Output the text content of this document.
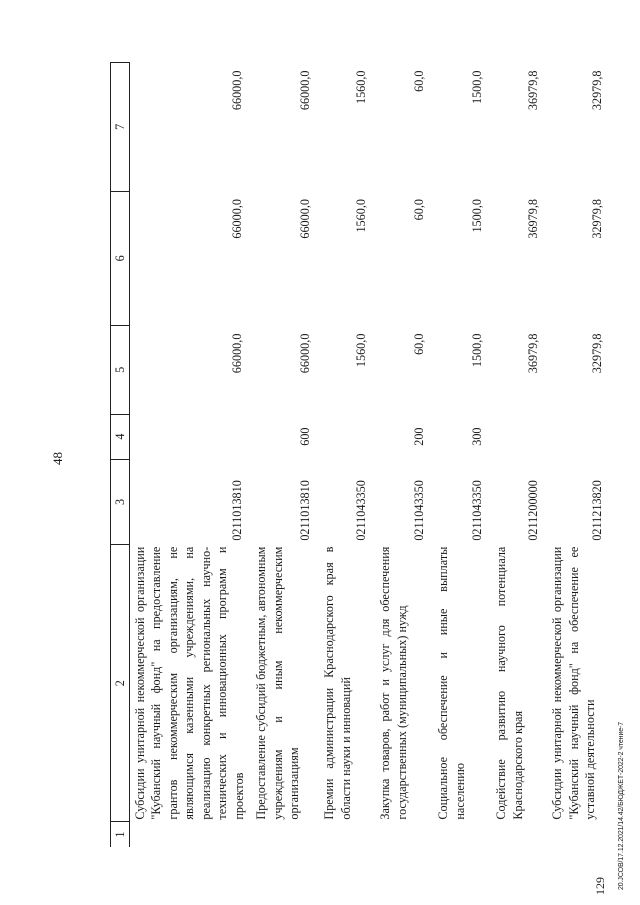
48
1	2	3	4	5	6	7
	Субсидии унитарной некоммерческой организации "Кубанский научный фонд" на предоставление грантов некоммерческим организациям, не являющимся казенными учреждениями, на реализацию конкретных региональных научно-технических и инновационных программ и проектов	0211013810		66000,0	66000,0	66000,0
	Предоставление субсидий бюджетным, автономным учреждениям и иным некоммерческим организациям	0211013810	600	66000,0	66000,0	66000,0
	Премии администрации Краснодарского края в области науки и инноваций	0211043350		1560,0	1560,0	1560,0
	Закупка товаров, работ и услуг для обеспечения государственных (муниципальных) нужд	0211043350	200	60,0	60,0	60,0
	Социальное обеспечение и иные выплаты населению	0211043350	300	1500,0	1500,0	1500,0
	Содействие развитию научного потенциала Краснодарского края	0211200000		36979,8	36979,8	36979,8
	Субсидии унитарной некоммерческой организации "Кубанский научный фонд" на обеспечение ее уставной деятельности	0211213820		32979,8	32979,8	32979,8
20.ЈСОВ/17.12.2021/14.42/БЮДЖЕТ-2022-2 чтение-7
129
